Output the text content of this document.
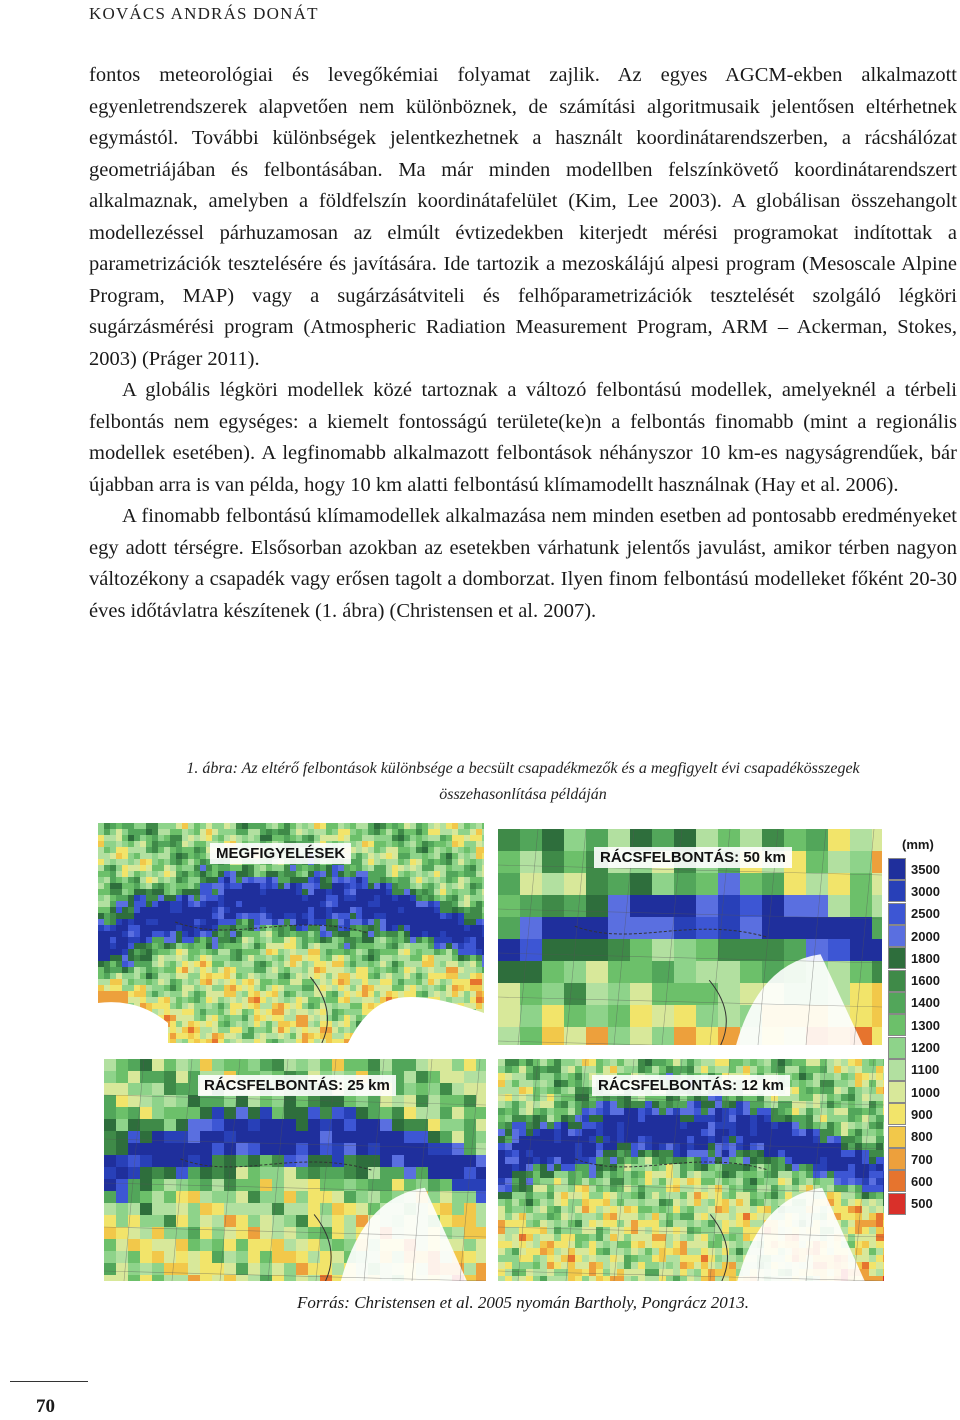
KOVÁCS ANDRÁS DONÁT

fontos meteorológiai és levegőkémiai folyamat zajlik. Az egyes AGCM-ekben alkalmazott egyenletrendszerek alapvetően nem különböznek, de számítási algoritmusaik jelentősen eltérhetnek egymástól. További különbségek jelentkezhetnek a használt koordinátarendszerben, a rácshálózat geometriájában és felbontásában. Ma már minden modellben felszínkövető koordinátarendszert alkalmaznak, amelyben a földfelszín koordinátafelület (Kim, Lee 2003). A globálisan összehangolt modellezéssel párhuzamosan az elmúlt évtizedekben kiterjedt mérési programokat indítottak a parametrizációk tesztelésére és javítására. Ide tartozik a mezoskálájú alpesi program (Mesoscale Alpine Program, MAP) vagy a sugárzásátviteli és felhőparametrizációk tesztelését szolgáló légköri sugárzásmérési program (Atmospheric Radiation Measurement Program, ARM – Ackerman, Stokes, 2003) (Práger 2011).

A globális légköri modellek közé tartoznak a változó felbontású modellek, amelyeknél a térbeli felbontás nem egységes: a kiemelt fontosságú területe(ke)n a felbontás finomabb (mint a regionális modellek esetében). A legfinomabb alkalmazott felbontások néhányszor 10 km-es nagyságrendűek, bár újabban arra is van példa, hogy 10 km alatti felbontású klímamodellt használnak (Hay et al. 2006).

A finomabb felbontású klímamodellek alkalmazása nem minden esetben ad pontosabb eredményeket egy adott térségre. Elsősorban azokban az esetekben várhatunk jelentős javulást, amikor térben nagyon változékony a csapadék vagy erősen tagolt a domborzat. Ilyen finom felbontású modelleket főként 20-30 éves időtávlatra készítenek (1. ábra) (Christensen et al. 2007).

1. ábra: Az eltérő felbontások különbsége a becsült csapadékmezők és a megfigyelt évi csapadékösszegek
összehasonlítása példáján
MEGFIGYELÉSEK	RÁCSFELBONTÁS: 50 km
RÁCSFELBONTÁS: 25 km	RÁCSFELBONTÁS: 12 km
(mm)
3500
3000
2500
2000
1800
1600
1400
1300
1200
1100
1000
900
800
700
600
500
Forrás: Christensen et al. 2005 nyomán Bartholy, Pongrácz 2013.
70
